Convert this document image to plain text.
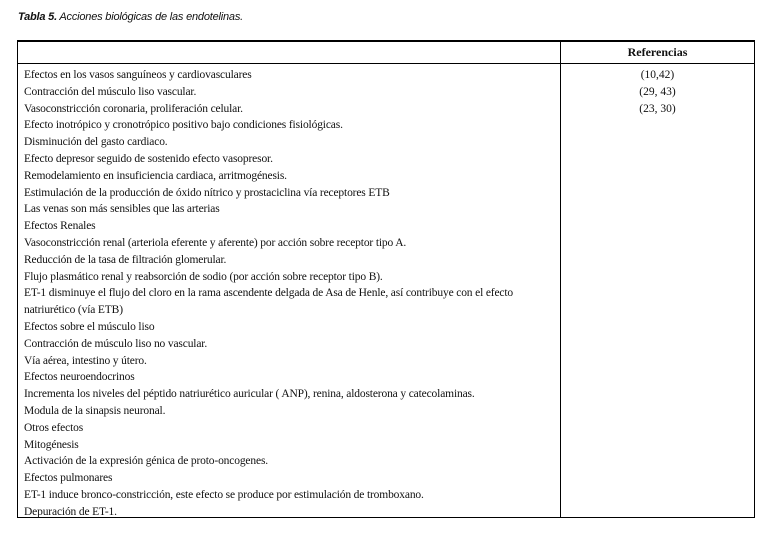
Tabla 5. Acciones biológicas de las endotelinas.
Referencias
Efectos en los vasos sanguíneos y cardiovasculares
Contracción del músculo liso vascular.
Vasoconstricción coronaria, proliferación celular.
Efecto inotrópico y cronotrópico positivo bajo condiciones fisiológicas.
Disminución del gasto cardiaco.
Efecto depresor seguido de sostenido efecto vasopresor.
Remodelamiento en insuficiencia cardiaca, arritmogénesis.
Estimulación de la producción de óxido nítrico y prostaciclina vía receptores ETB
Las venas son más sensibles que las arterias
Efectos Renales
Vasoconstricción renal (arteriola eferente y aferente) por acción sobre receptor tipo A.
Reducción de la tasa de filtración glomerular.
Flujo plasmático renal y reabsorción de sodio (por acción sobre receptor tipo B).
ET-1 disminuye el flujo del cloro en la rama ascendente delgada de Asa de Henle, así contribuye con el efecto natriurético (vía ETB)
Efectos sobre el músculo liso
Contracción de músculo liso no vascular.
Vía aérea, intestino y útero.
Efectos neuroendocrinos
Incrementa los niveles del péptido natriurético auricular ( ANP), renina, aldosterona y catecolaminas.
Modula de la sinapsis neuronal.
Otros efectos
Mitogénesis
Activación de la expresión génica de proto-oncogenes.
Efectos pulmonares
ET-1 induce bronco-constricción, este efecto se produce por estimulación de tromboxano.
Depuración de ET-1.
(10,42)
(29, 43)
(23, 30)
